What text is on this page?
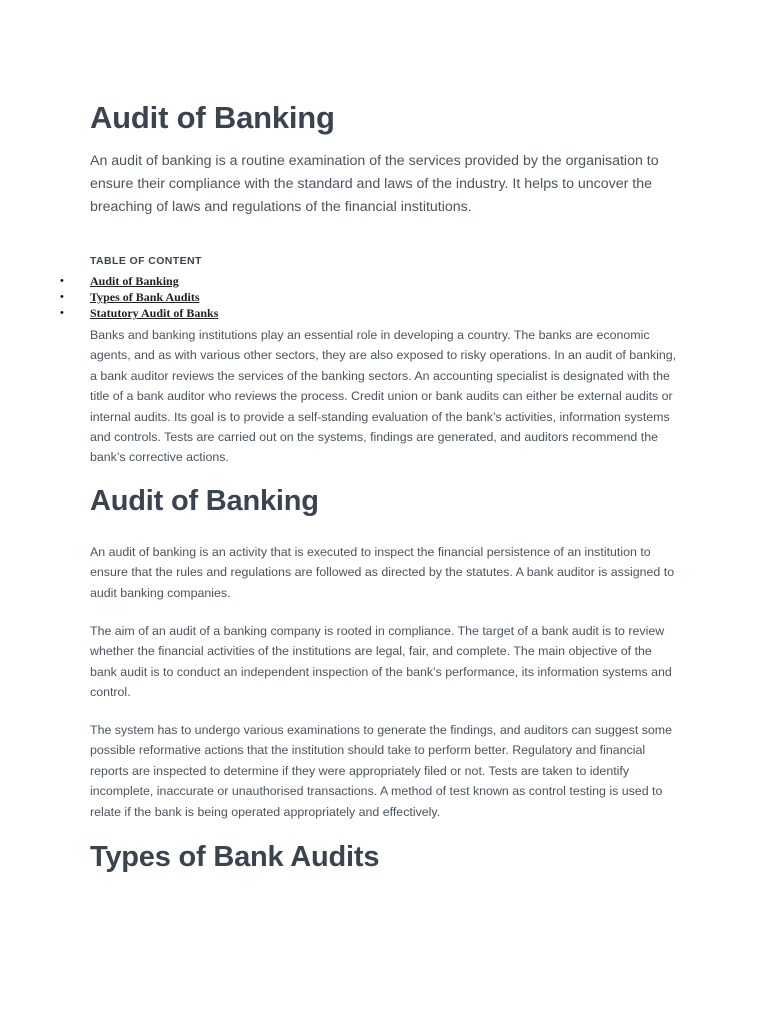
Audit of Banking

An audit of banking is a routine examination of the services provided by the organisation to ensure their compliance with the standard and laws of the industry. It helps to uncover the breaching of laws and regulations of the financial institutions.

TABLE OF CONTENT
•	Audit of Banking
•	Types of Bank Audits
•	Statutory Audit of Banks

Banks and banking institutions play an essential role in developing a country. The banks are economic agents, and as with various other sectors, they are also exposed to risky operations. In an audit of banking, a bank auditor reviews the services of the banking sectors. An accounting specialist is designated with the title of a bank auditor who reviews the process. Credit union or bank audits can either be external audits or internal audits. Its goal is to provide a self-standing evaluation of the bank’s activities, information systems and controls. Tests are carried out on the systems, findings are generated, and auditors recommend the bank’s corrective actions.

Audit of Banking

An audit of banking is an activity that is executed to inspect the financial persistence of an institution to ensure that the rules and regulations are followed as directed by the statutes. A bank auditor is assigned to audit banking companies.

The aim of an audit of a banking company is rooted in compliance. The target of a bank audit is to review whether the financial activities of the institutions are legal, fair, and complete. The main objective of the bank audit is to conduct an independent inspection of the bank’s performance, its information systems and control.

The system has to undergo various examinations to generate the findings, and auditors can suggest some possible reformative actions that the institution should take to perform better. Regulatory and financial reports are inspected to determine if they were appropriately filed or not. Tests are taken to identify incomplete, inaccurate or unauthorised transactions. A method of test known as control testing is used to relate if the bank is being operated appropriately and effectively.

Types of Bank Audits
